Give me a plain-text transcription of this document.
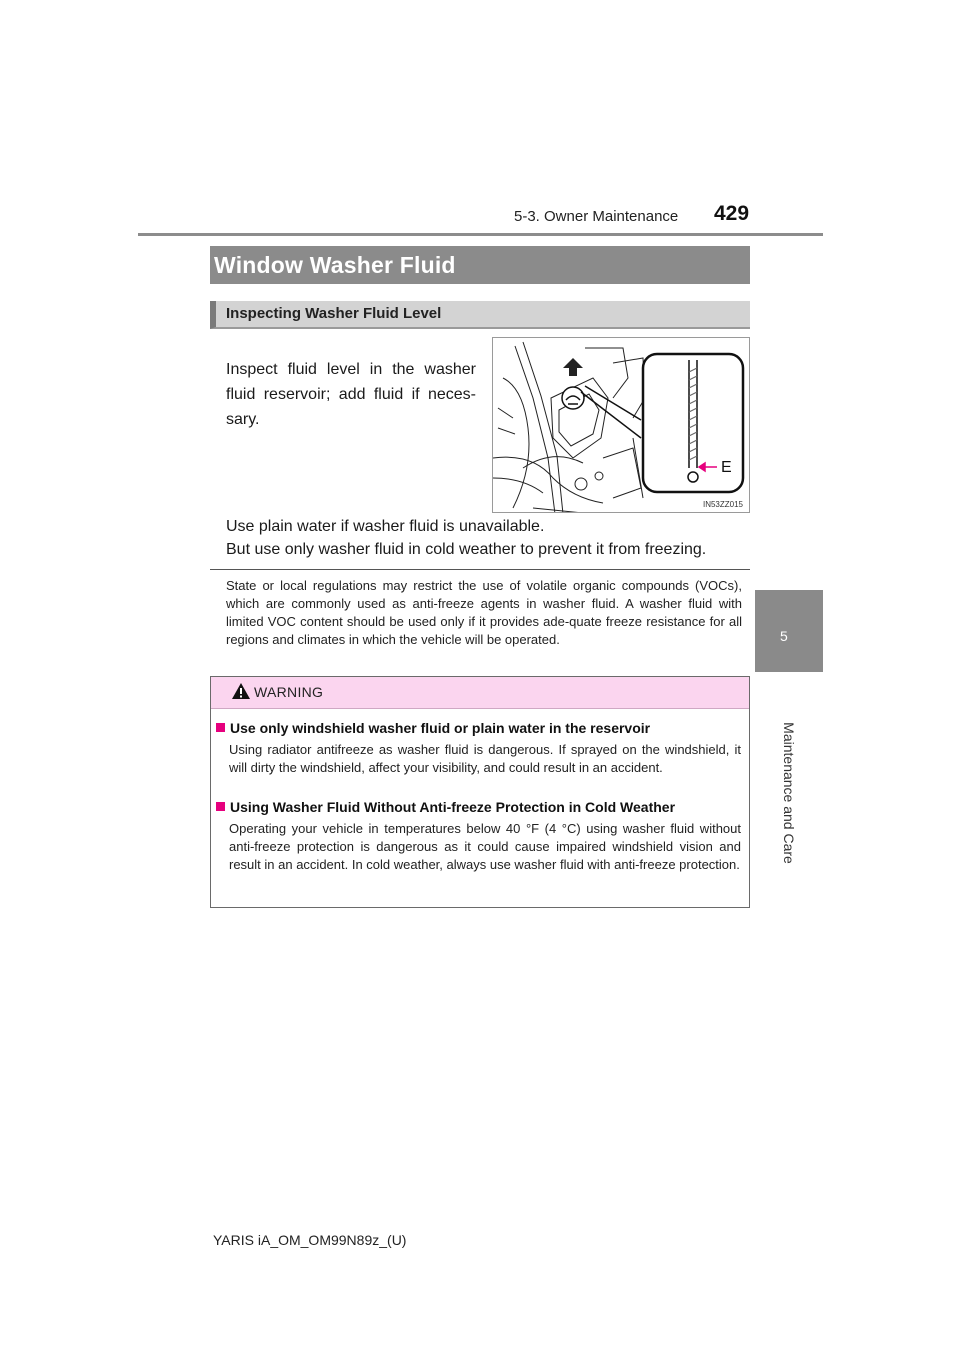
5-3. Owner Maintenance 429
5
Maintenance and Care
Window Washer Fluid
Inspecting Washer Fluid Level
Inspect fluid level in the washer fluid reservoir; add fluid if neces-sary.
E
IN53ZZ015
Use plain water if washer fluid is unavailable.
But use only washer fluid in cold weather to prevent it from freezing.
State or local regulations may restrict the use of volatile organic compounds (VOCs), which are commonly used as anti-freeze agents in washer fluid. A washer fluid with limited VOC content should be used only if it provides ade-quate freeze resistance for all regions and climates in which the vehicle will be operated.
WARNING
Use only windshield washer fluid or plain water in the reservoir
Using radiator antifreeze as washer fluid is dangerous. If sprayed on the windshield, it will dirty the windshield, affect your visibility, and could result in an accident.
Using Washer Fluid Without Anti-freeze Protection in Cold Weather
Operating your vehicle in temperatures below 40 °F (4 °C) using washer fluid without anti-freeze protection is dangerous as it could cause impaired windshield vision and result in an accident. In cold weather, always use washer fluid with anti-freeze protection.
YARIS iA_OM_OM99N89z_(U)
